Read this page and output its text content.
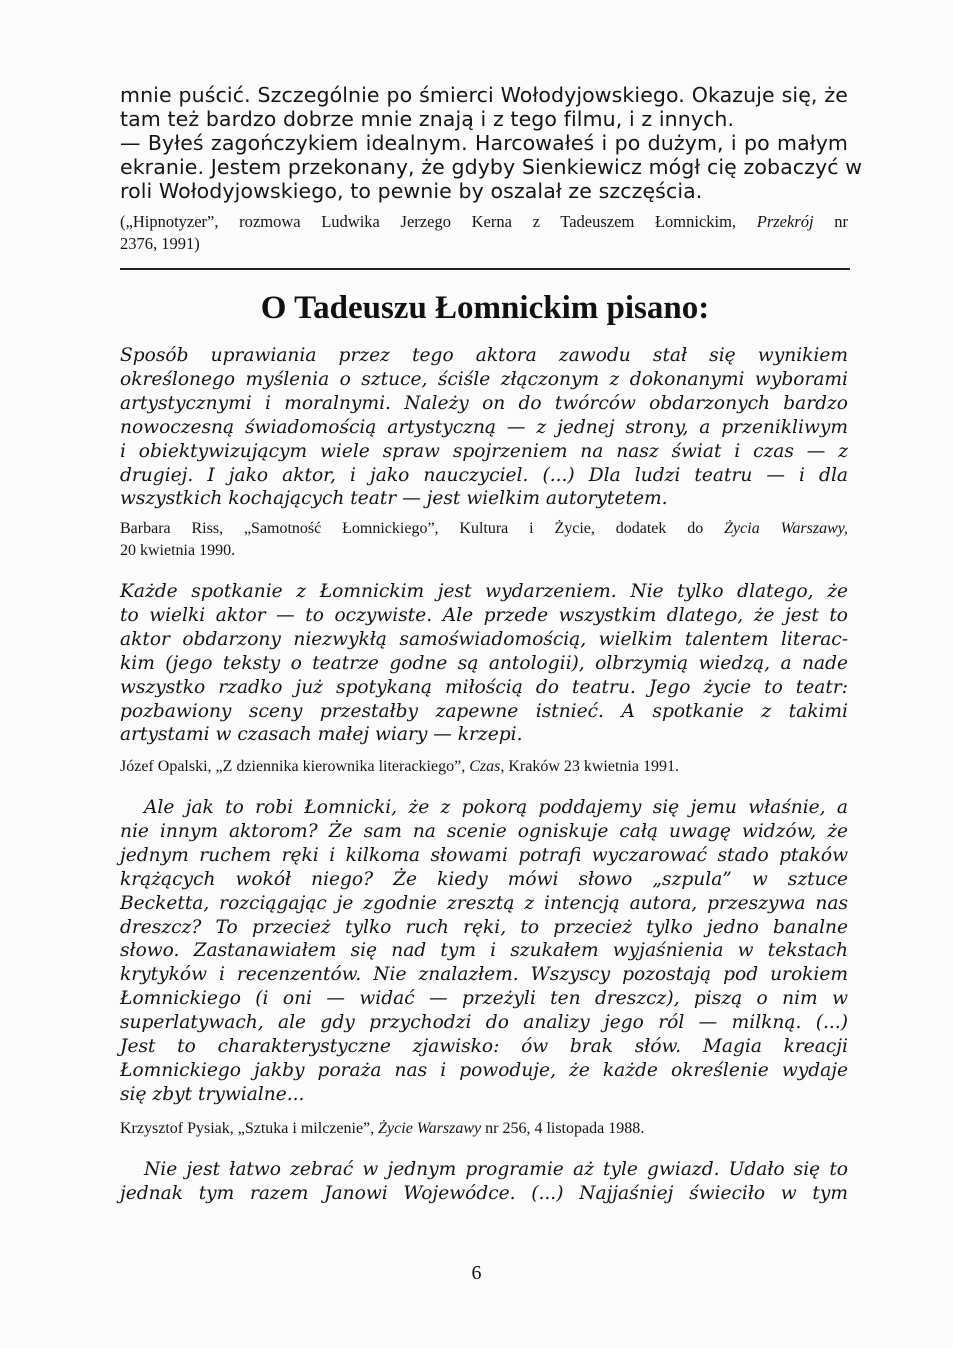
mnie puścić. Szczególnie po śmierci Wołodyjowskiego. Okazuje się, że
tam też bardzo dobrze mnie znają i z tego filmu, i z innych.
— Byłeś zagończykiem idealnym. Harcowałeś i po dużym, i po małym
ekranie. Jestem przekonany, że gdyby Sienkiewicz mógł cię zobaczyć w
roli Wołodyjowskiego, to pewnie by oszalał ze szczęścia.
(„Hipnotyzer”, rozmowa Ludwika Jerzego Kerna z Tadeuszem Łomnickim, Przekrój nr
2376, 1991)
O Tadeuszu Łomnickim pisano:
Sposób uprawiania przez tego aktora zawodu stał się wynikiem
określonego myślenia o sztuce, ściśle złączonym z dokonanymi wyborami
artystycznymi i moralnymi. Należy on do twórców obdarzonych bardzo
nowoczesną świadomością artystyczną — z jednej strony, a przenikliwym
i obiektywizującym wiele spraw spojrzeniem na nasz świat i czas — z
drugiej. I jako aktor, i jako nauczyciel. (...) Dla ludzi teatru — i dla
wszystkich kochających teatr — jest wielkim autorytetem.
Barbara Riss, „Samotność Łomnickiego”, Kultura i Życie, dodatek do Życia Warszawy,
20 kwietnia 1990.
Każde spotkanie z Łomnickim jest wydarzeniem. Nie tylko dlatego, że
to wielki aktor — to oczywiste. Ale przede wszystkim dlatego, że jest to
aktor obdarzony niezwykłą samoświadomością, wielkim talentem literac-
kim (jego teksty o teatrze godne są antologii), olbrzymią wiedzą, a nade
wszystko rzadko już spotykaną miłością do teatru. Jego życie to teatr:
pozbawiony sceny przestałby zapewne istnieć. A spotkanie z takimi
artystami w czasach małej wiary — krzepi.
Józef Opalski, „Z dziennika kierownika literackiego”, Czas, Kraków 23 kwietnia 1991.
Ale jak to robi Łomnicki, że z pokorą poddajemy się jemu właśnie, a
nie innym aktorom? Że sam na scenie ogniskuje całą uwagę widzów, że
jednym ruchem ręki i kilkoma słowami potrafi wyczarować stado ptaków
krążących wokół niego? Że kiedy mówi słowo „szpula” w sztuce
Becketta, rozciągając je zgodnie zresztą z intencją autora, przeszywa nas
dreszcz? To przecież tylko ruch ręki, to przecież tylko jedno banalne
słowo. Zastanawiałem się nad tym i szukałem wyjaśnienia w tekstach
krytyków i recenzentów. Nie znalazłem. Wszyscy pozostają pod urokiem
Łomnickiego (i oni — widać — przeżyli ten dreszcz), piszą o nim w
superlatywach, ale gdy przychodzi do analizy jego ról — milkną. (...)
Jest to charakterystyczne zjawisko: ów brak słów. Magia kreacji
Łomnickiego jakby poraża nas i powoduje, że każde określenie wydaje
się zbyt trywialne...
Krzysztof Pysiak, „Sztuka i milczenie”, Życie Warszawy nr 256, 4 listopada 1988.
Nie jest łatwo zebrać w jednym programie aż tyle gwiazd. Udało się to
jednak tym razem Janowi Wojewódce. (...) Najjaśniej świeciło w tym
6
